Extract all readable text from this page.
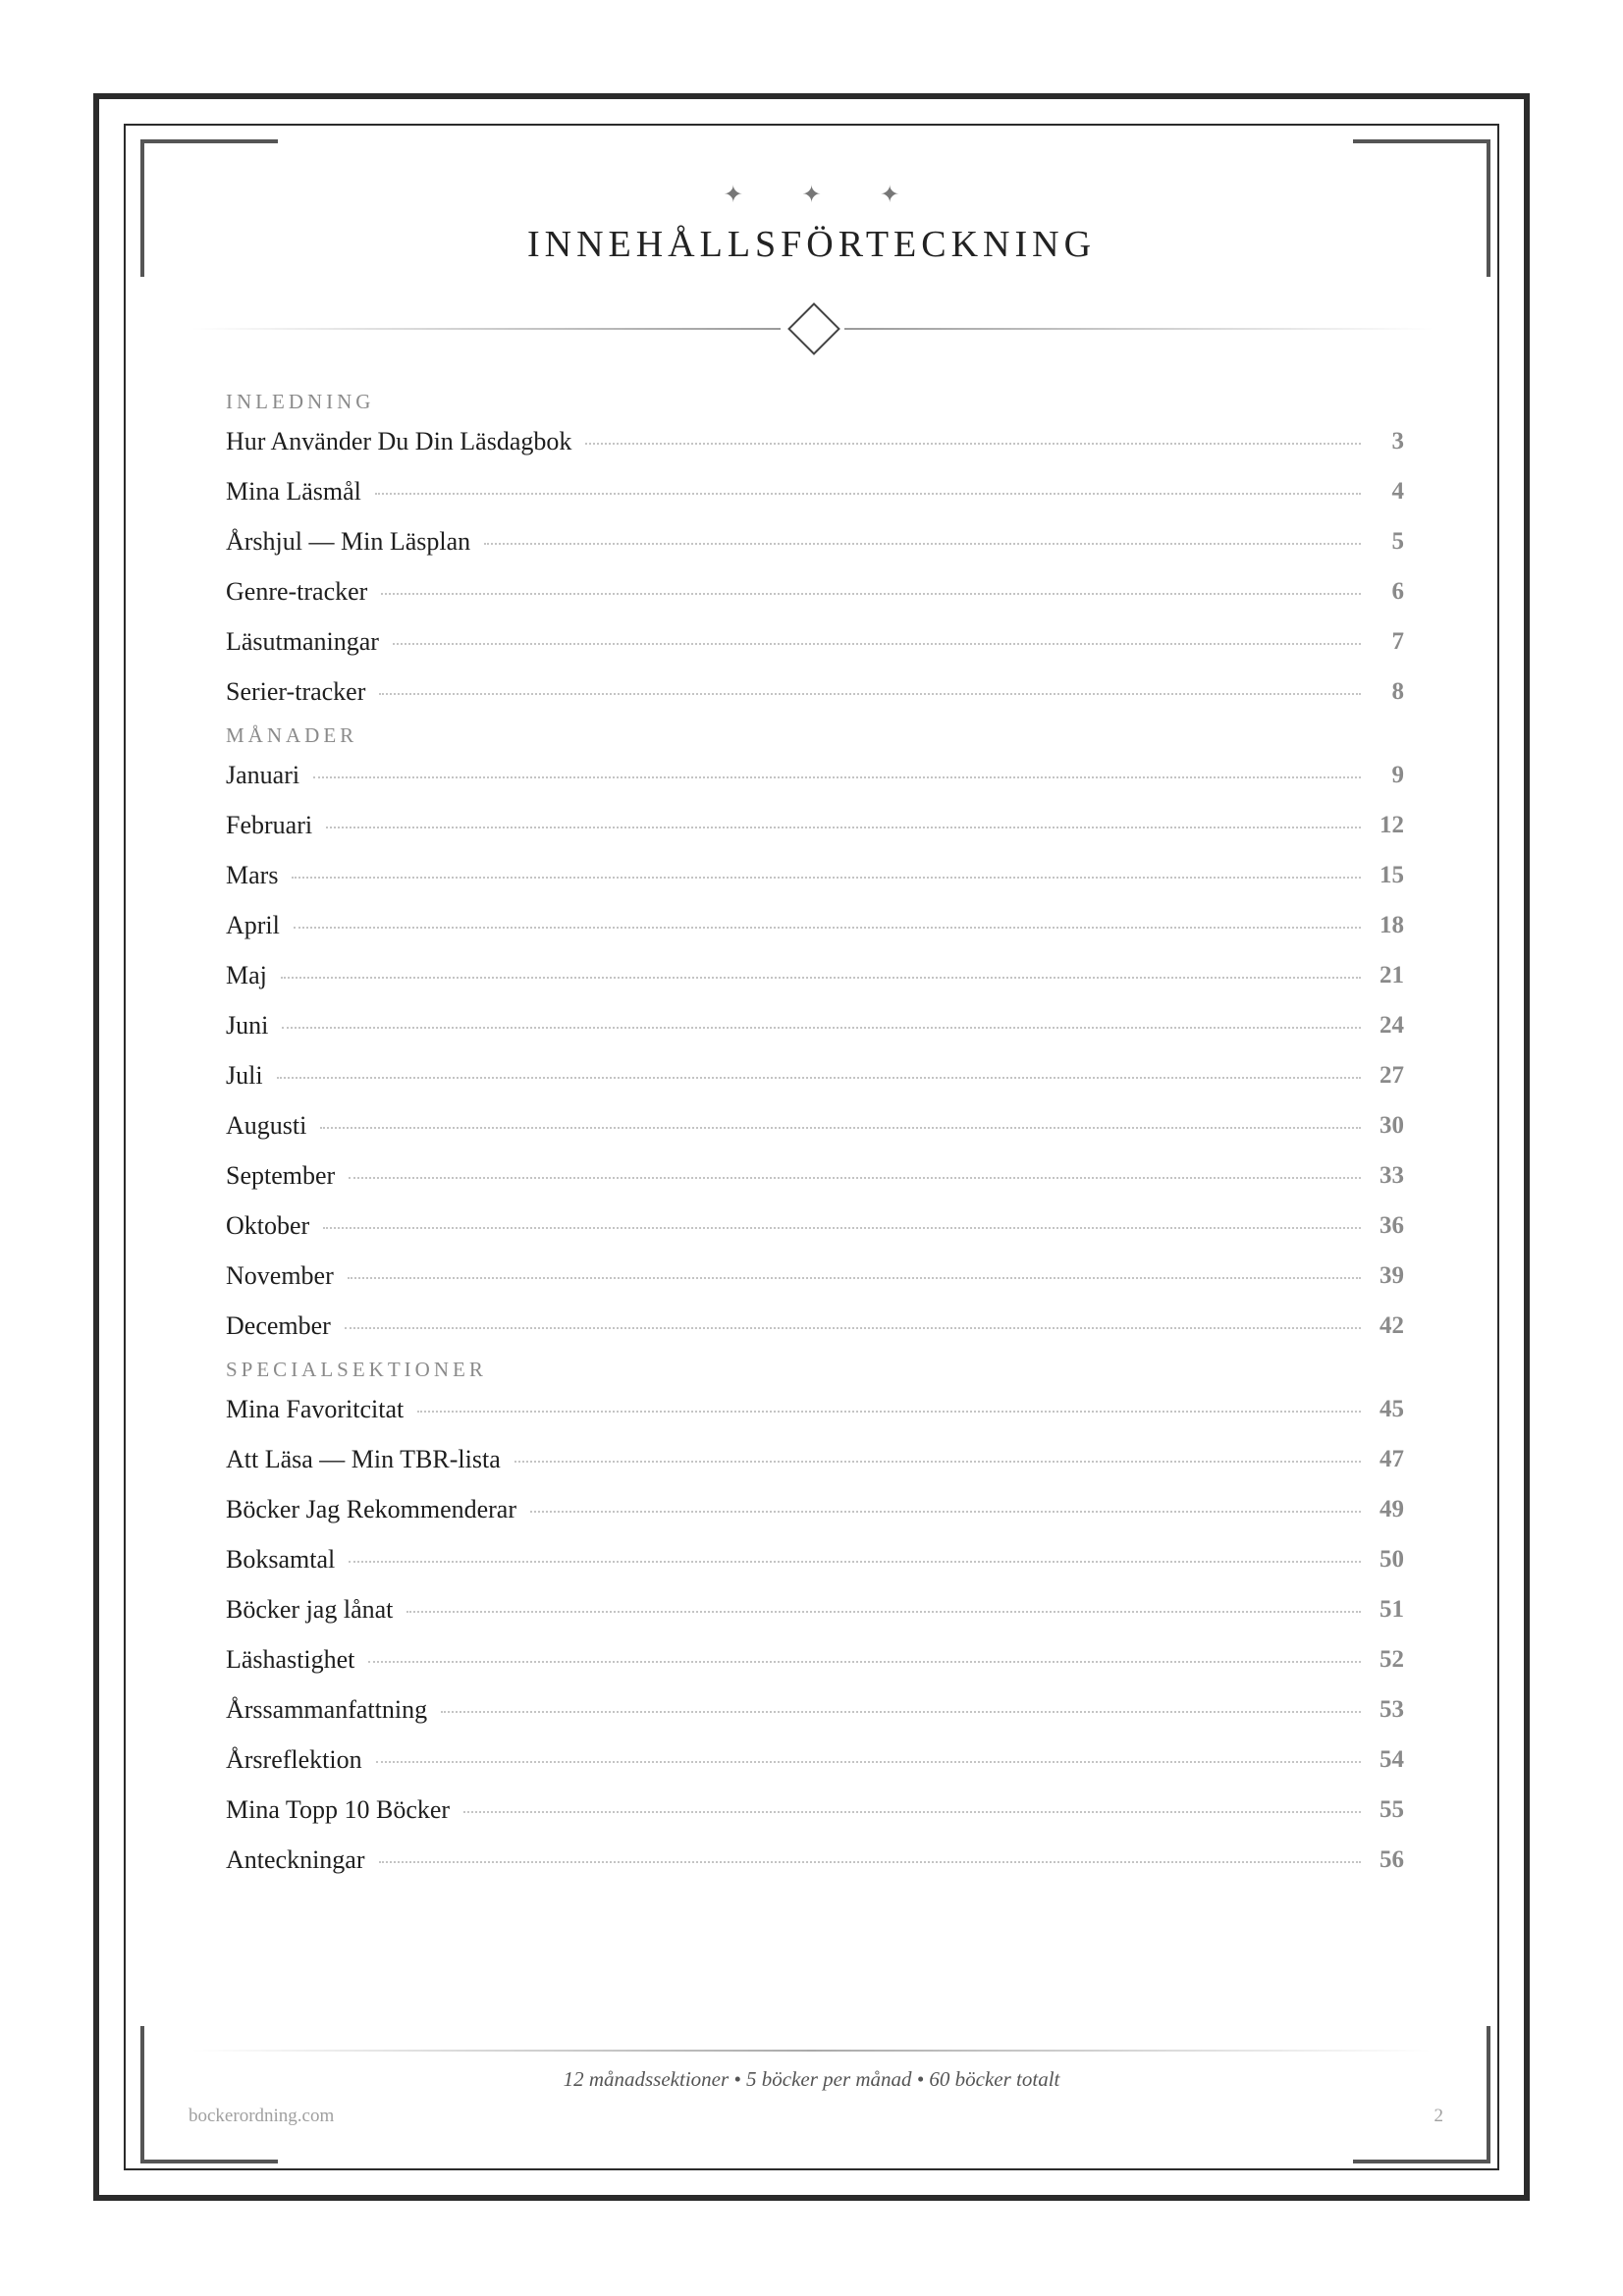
✦ ✦ ✦
INNEHÅLLSFÖRTECKNING
INLEDNING
Hur Använder Du Din Läsdagbok	3
Mina Läsmål	4
Årshjul — Min Läsplan	5
Genre-tracker	6
Läsutmaningar	7
Serier-tracker	8
MÅNADER
Januari	9
Februari	12
Mars	15
April	18
Maj	21
Juni	24
Juli	27
Augusti	30
September	33
Oktober	36
November	39
December	42
SPECIALSEKTIONER
Mina Favoritcitat	45
Att Läsa — Min TBR-lista	47
Böcker Jag Rekommenderar	49
Boksamtal	50
Böcker jag lånat	51
Läshastighet	52
Årssammanfattning	53
Årsreflektion	54
Mina Topp 10 Böcker	55
Anteckningar	56
12 månadssektioner • 5 böcker per månad • 60 böcker totalt
bockerordning.com	2
